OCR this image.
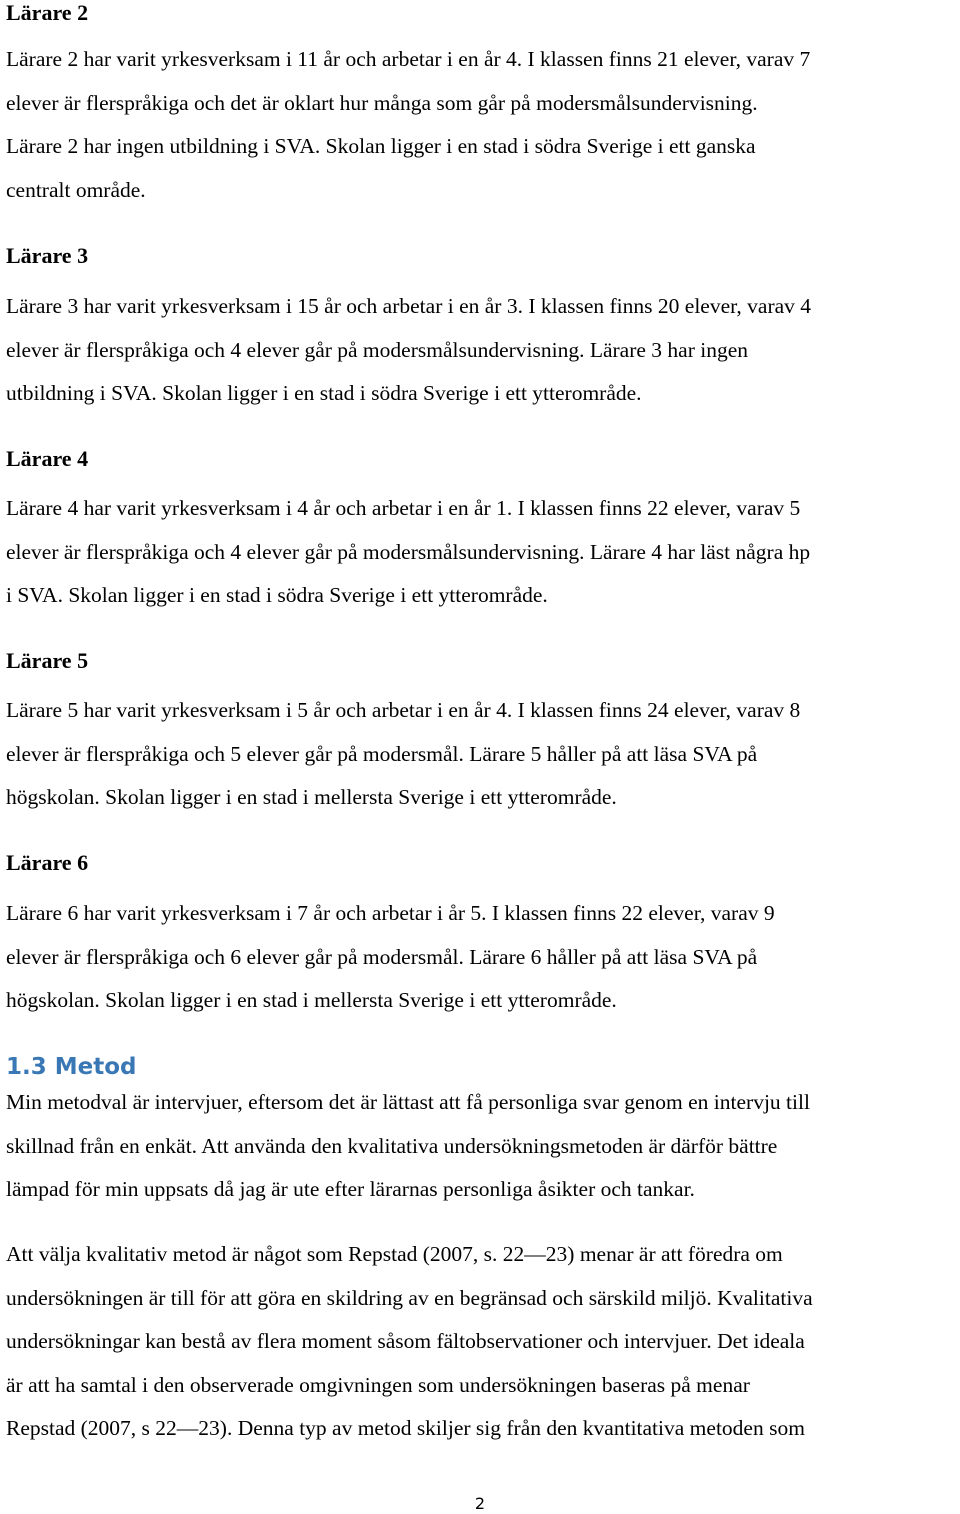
Lärare 2

Lärare 2 har varit yrkesverksam i 11 år och arbetar i en år 4. I klassen finns 21 elever, varav 7
elever är flerspråkiga och det är oklart hur många som går på modersmålsundervisning.
Lärare 2 har ingen utbildning i SVA. Skolan ligger i en stad i södra Sverige i ett ganska
centralt område.

Lärare 3

Lärare 3 har varit yrkesverksam i 15 år och arbetar i en år 3. I klassen finns 20 elever, varav 4
elever är flerspråkiga och 4 elever går på modersmålsundervisning. Lärare 3 har ingen
utbildning i SVA. Skolan ligger i en stad i södra Sverige i ett ytterområde.

Lärare 4

Lärare 4 har varit yrkesverksam i 4 år och arbetar i en år 1. I klassen finns 22 elever, varav 5
elever är flerspråkiga och 4 elever går på modersmålsundervisning. Lärare 4 har läst några hp
i SVA. Skolan ligger i en stad i södra Sverige i ett ytterområde.

Lärare 5

Lärare 5 har varit yrkesverksam i 5 år och arbetar i en år 4. I klassen finns 24 elever, varav 8
elever är flerspråkiga och 5 elever går på modersmål. Lärare 5 håller på att läsa SVA på
högskolan. Skolan ligger i en stad i mellersta Sverige i ett ytterområde.

Lärare 6

Lärare 6 har varit yrkesverksam i 7 år och arbetar i år 5. I klassen finns 22 elever, varav 9
elever är flerspråkiga och 6 elever går på modersmål. Lärare 6 håller på att läsa SVA på
högskolan. Skolan ligger i en stad i mellersta Sverige i ett ytterområde.

1.3 Metod

Min metodval är intervjuer, eftersom det är lättast att få personliga svar genom en intervju till
skillnad från en enkät. Att använda den kvalitativa undersökningsmetoden är därför bättre
lämpad för min uppsats då jag är ute efter lärarnas personliga åsikter och tankar.

Att välja kvalitativ metod är något som Repstad (2007, s. 22—23) menar är att föredra om
undersökningen är till för att göra en skildring av en begränsad och särskild miljö. Kvalitativa
undersökningar kan bestå av flera moment såsom fältobservationer och intervjuer. Det ideala
är att ha samtal i den observerade omgivningen som undersökningen baseras på menar
Repstad (2007, s 22—23). Denna typ av metod skiljer sig från den kvantitativa metoden som

2
